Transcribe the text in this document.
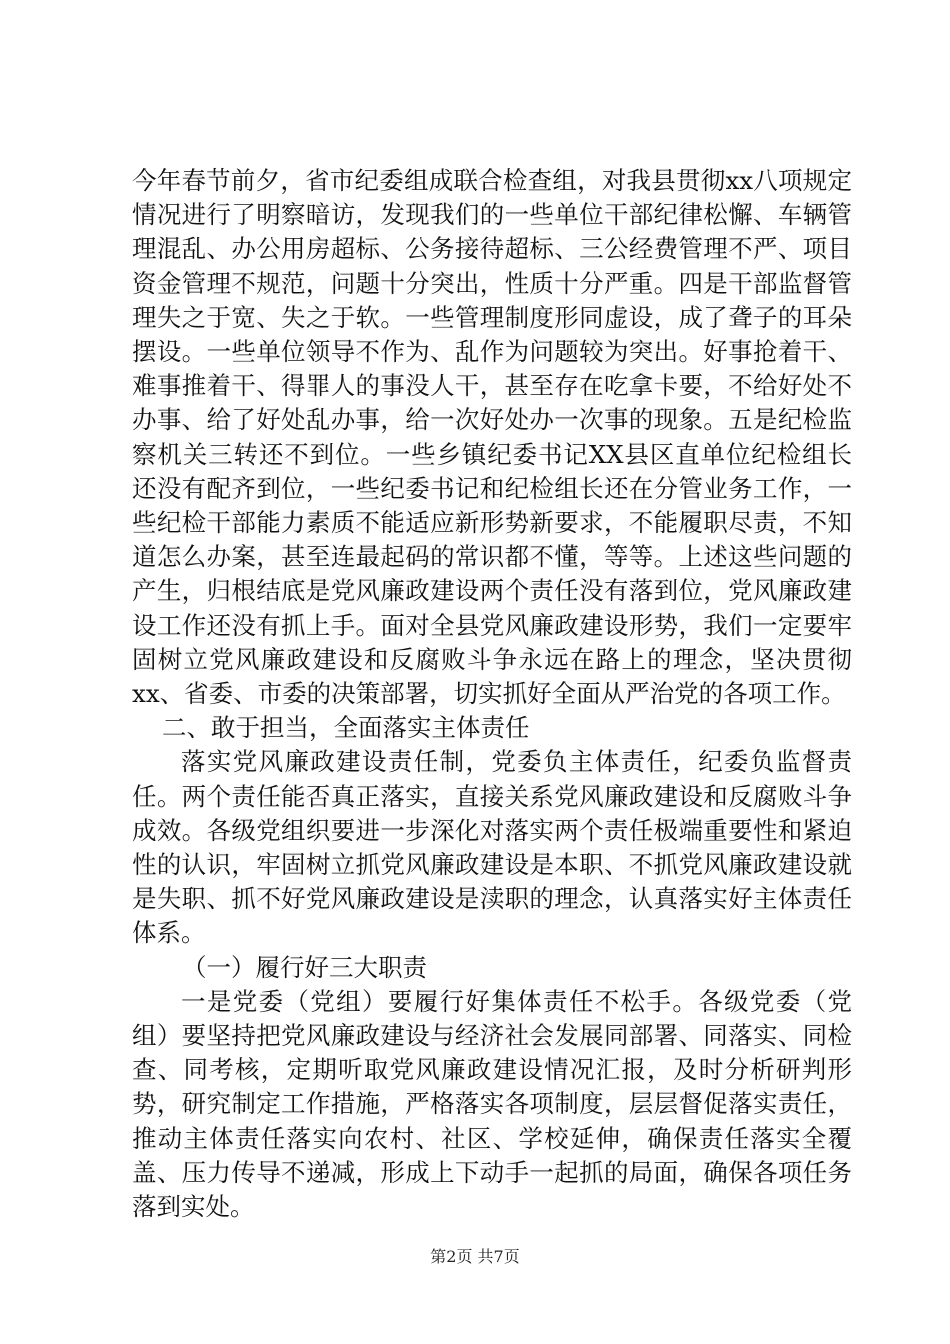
今年春节前夕，省市纪委组成联合检查组，对我县贯彻xx八项规定情况进行了明察暗访，发现我们的一些单位干部纪律松懈、车辆管理混乱、办公用房超标、公务接待超标、三公经费管理不严、项目资金管理不规范，问题十分突出，性质十分严重。四是干部监督管理失之于宽、失之于软。一些管理制度形同虚设，成了聋子的耳朵摆设。一些单位领导不作为、乱作为问题较为突出。好事抢着干、难事推着干、得罪人的事没人干，甚至存在吃拿卡要，不给好处不办事、给了好处乱办事，给一次好处办一次事的现象。五是纪检监察机关三转还不到位。一些乡镇纪委书记XX县区直单位纪检组长还没有配齐到位，一些纪委书记和纪检组长还在分管业务工作，一些纪检干部能力素质不能适应新形势新要求，不能履职尽责，不知道怎么办案，甚至连最起码的常识都不懂，等等。上述这些问题的产生，归根结底是党风廉政建设两个责任没有落到位，党风廉政建设工作还没有抓上手。面对全县党风廉政建设形势，我们一定要牢固树立党风廉政建设和反腐败斗争永远在路上的理念，坚决贯彻xx、省委、市委的决策部署，切实抓好全面从严治党的各项工作。

二、敢于担当，全面落实主体责任

落实党风廉政建设责任制，党委负主体责任，纪委负监督责任。两个责任能否真正落实，直接关系党风廉政建设和反腐败斗争成效。各级党组织要进一步深化对落实两个责任极端重要性和紧迫性的认识，牢固树立抓党风廉政建设是本职、不抓党风廉政建设就是失职、抓不好党风廉政建设是渎职的理念，认真落实好主体责任体系。

（一）履行好三大职责

一是党委（党组）要履行好集体责任不松手。各级党委（党组）要坚持把党风廉政建设与经济社会发展同部署、同落实、同检查、同考核，定期听取党风廉政建设情况汇报，及时分析研判形势，研究制定工作措施，严格落实各项制度，层层督促落实责任，推动主体责任落实向农村、社区、学校延伸，确保责任落实全覆盖、压力传导不递减，形成上下动手一起抓的局面，确保各项任务落到实处。

第2页 共7页
